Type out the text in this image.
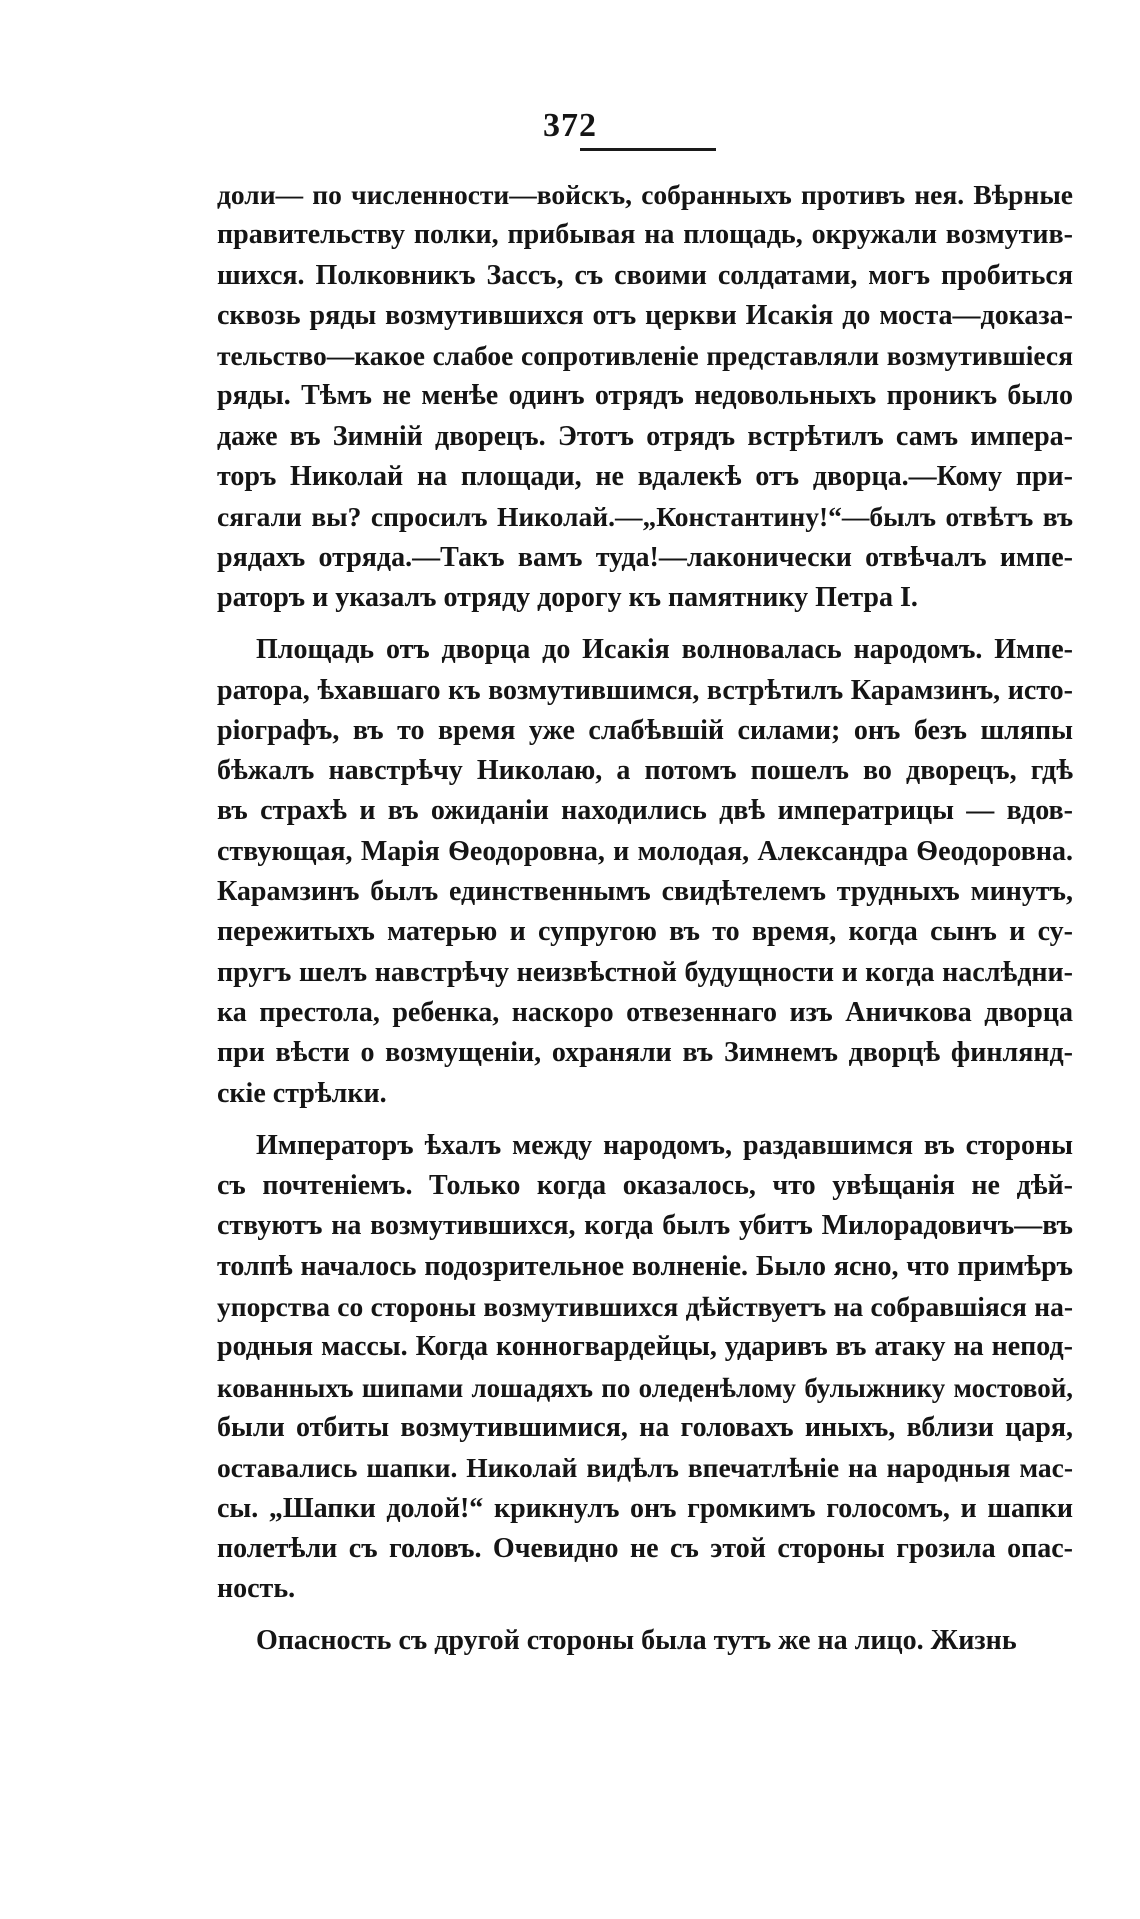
372
доли— по численности—войскъ, собранныхъ противъ нея. Вѣрные
правительству полки, прибывая на площадь, окружали возмутив-
шихся. Полковникъ Зассъ, съ своими солдатами, могъ пробиться
сквозь ряды возмутившихся отъ церкви Исакія до моста—доказа-
тельство—какое слабое сопротивленіе представляли возмутившіеся
ряды. Тѣмъ не менѣе одинъ отрядъ недовольныхъ проникъ было
даже въ Зимній дворецъ. Этотъ отрядъ встрѣтилъ самъ импера-
торъ Николай на площади, не вдалекѣ отъ дворца.—Кому при-
сягали вы? спросилъ Николай.—„Константину!“—былъ отвѣтъ въ
рядахъ отряда.—Такъ вамъ туда!—лаконически отвѣчалъ импе-
раторъ и указалъ отряду дорогу къ памятнику Петра I.
Площадь отъ дворца до Исакія волновалась народомъ. Импе-
ратора, ѣхавшаго къ возмутившимся, встрѣтилъ Карамзинъ, исто-
ріографъ, въ то время уже слабѣвшій силами; онъ безъ шляпы
бѣжалъ навстрѣчу Николаю, а потомъ пошелъ во дворецъ, гдѣ
въ страхѣ и въ ожиданіи находились двѣ императрицы — вдов-
ствующая, Марія Ѳеодоровна, и молодая, Александра Ѳеодоровна.
Карамзинъ былъ единственнымъ свидѣтелемъ трудныхъ минутъ,
пережитыхъ матерью и супругою въ то время, когда сынъ и су-
пругъ шелъ навстрѣчу неизвѣстной будущности и когда наслѣдни-
ка престола, ребенка, наскоро отвезеннаго изъ Аничкова дворца
при вѣсти о возмущеніи, охраняли въ Зимнемъ дворцѣ финлянд-
скіе стрѣлки.
Императоръ ѣхалъ между народомъ, раздавшимся въ стороны
съ почтеніемъ. Только когда оказалось, что увѣщанія не дѣй-
ствуютъ на возмутившихся, когда былъ убитъ Милорадовичъ—въ
толпѣ началось подозрительное волненіе. Было ясно, что примѣръ
упорства со стороны возмутившихся дѣйствуетъ на собравшіяся на-
родныя массы. Когда конногвардейцы, ударивъ въ атаку на непод-
кованныхъ шипами лошадяхъ по оледенѣлому булыжнику мостовой,
были отбиты возмутившимися, на головахъ иныхъ, вблизи царя,
оставались шапки. Николай видѣлъ впечатлѣніе на народныя мас-
сы. „Шапки долой!“ крикнулъ онъ громкимъ голосомъ, и шапки
полетѣли съ головъ. Очевидно не съ этой стороны грозила опас-
ность.
Опасность съ другой стороны была тутъ же на лицо. Жизнь
